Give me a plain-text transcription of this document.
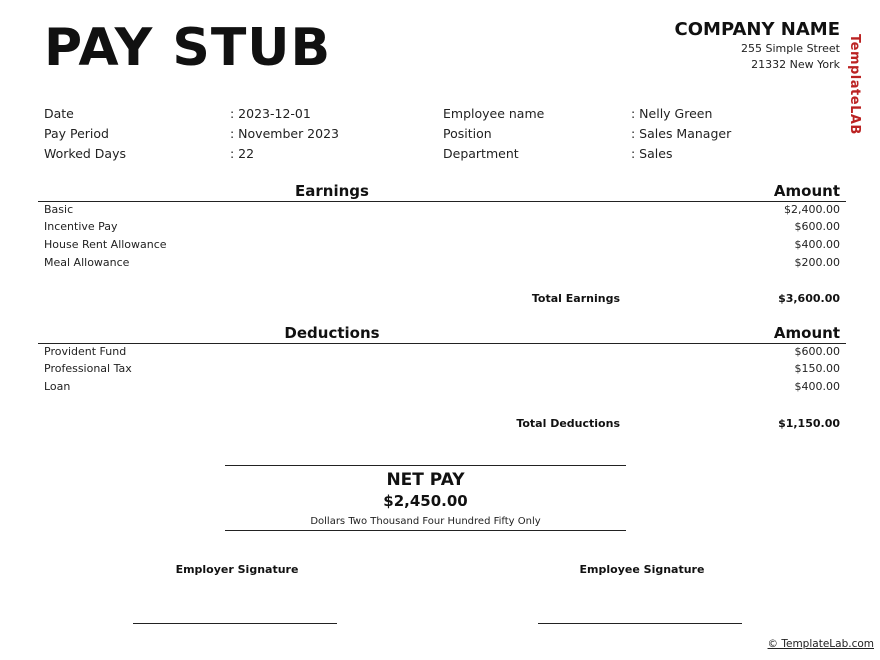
PAY STUB	COMPANY NAME
255 Simple Street
21332 New York TemplateLAB
Date	: 2023-12-01
Pay Period	: November 2023
Worked Days	: 22
Employee name	: Nelly Green
Position	: Sales Manager
Department	: Sales
Earnings	Amount
Basic	$2,400.00
Incentive Pay	$600.00
House Rent Allowance	$400.00
Meal Allowance	$200.00
Total Earnings	$3,600.00
Deductions	Amount
Provident Fund	$600.00
Professional Tax	$150.00
Loan	$400.00
Total Deductions	$1,150.00
NET PAY
$2,450.00
Dollars Two Thousand Four Hundred Fifty Only
Employer Signature	Employee Signature
© TemplateLab.com
